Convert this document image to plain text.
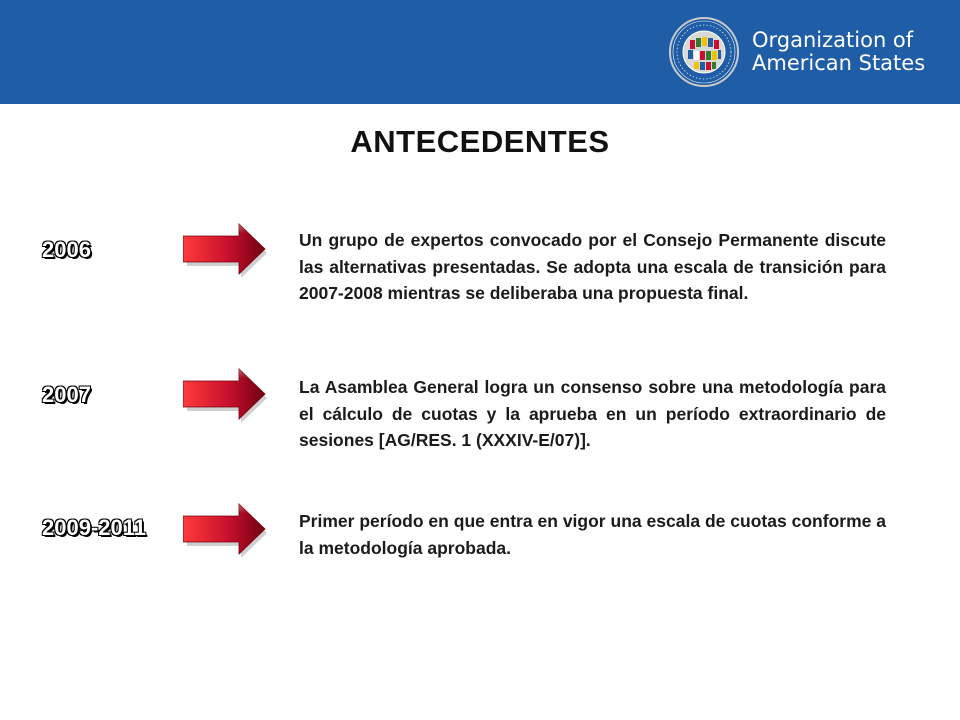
Organization of
American States
ANTECEDENTES
2006	Un grupo de expertos convocado por el Consejo Permanente discute las alternativas presentadas. Se adopta una escala de transición para 2007-2008 mientras se deliberaba una propuesta final.
2007	La Asamblea General logra un consenso sobre una metodología para el cálculo de cuotas y la aprueba en un período extraordinario de sesiones [AG/RES. 1 (XXXIV-E/07)].
2009-2011	Primer período en que entra en vigor una escala de cuotas conforme a la metodología aprobada.
